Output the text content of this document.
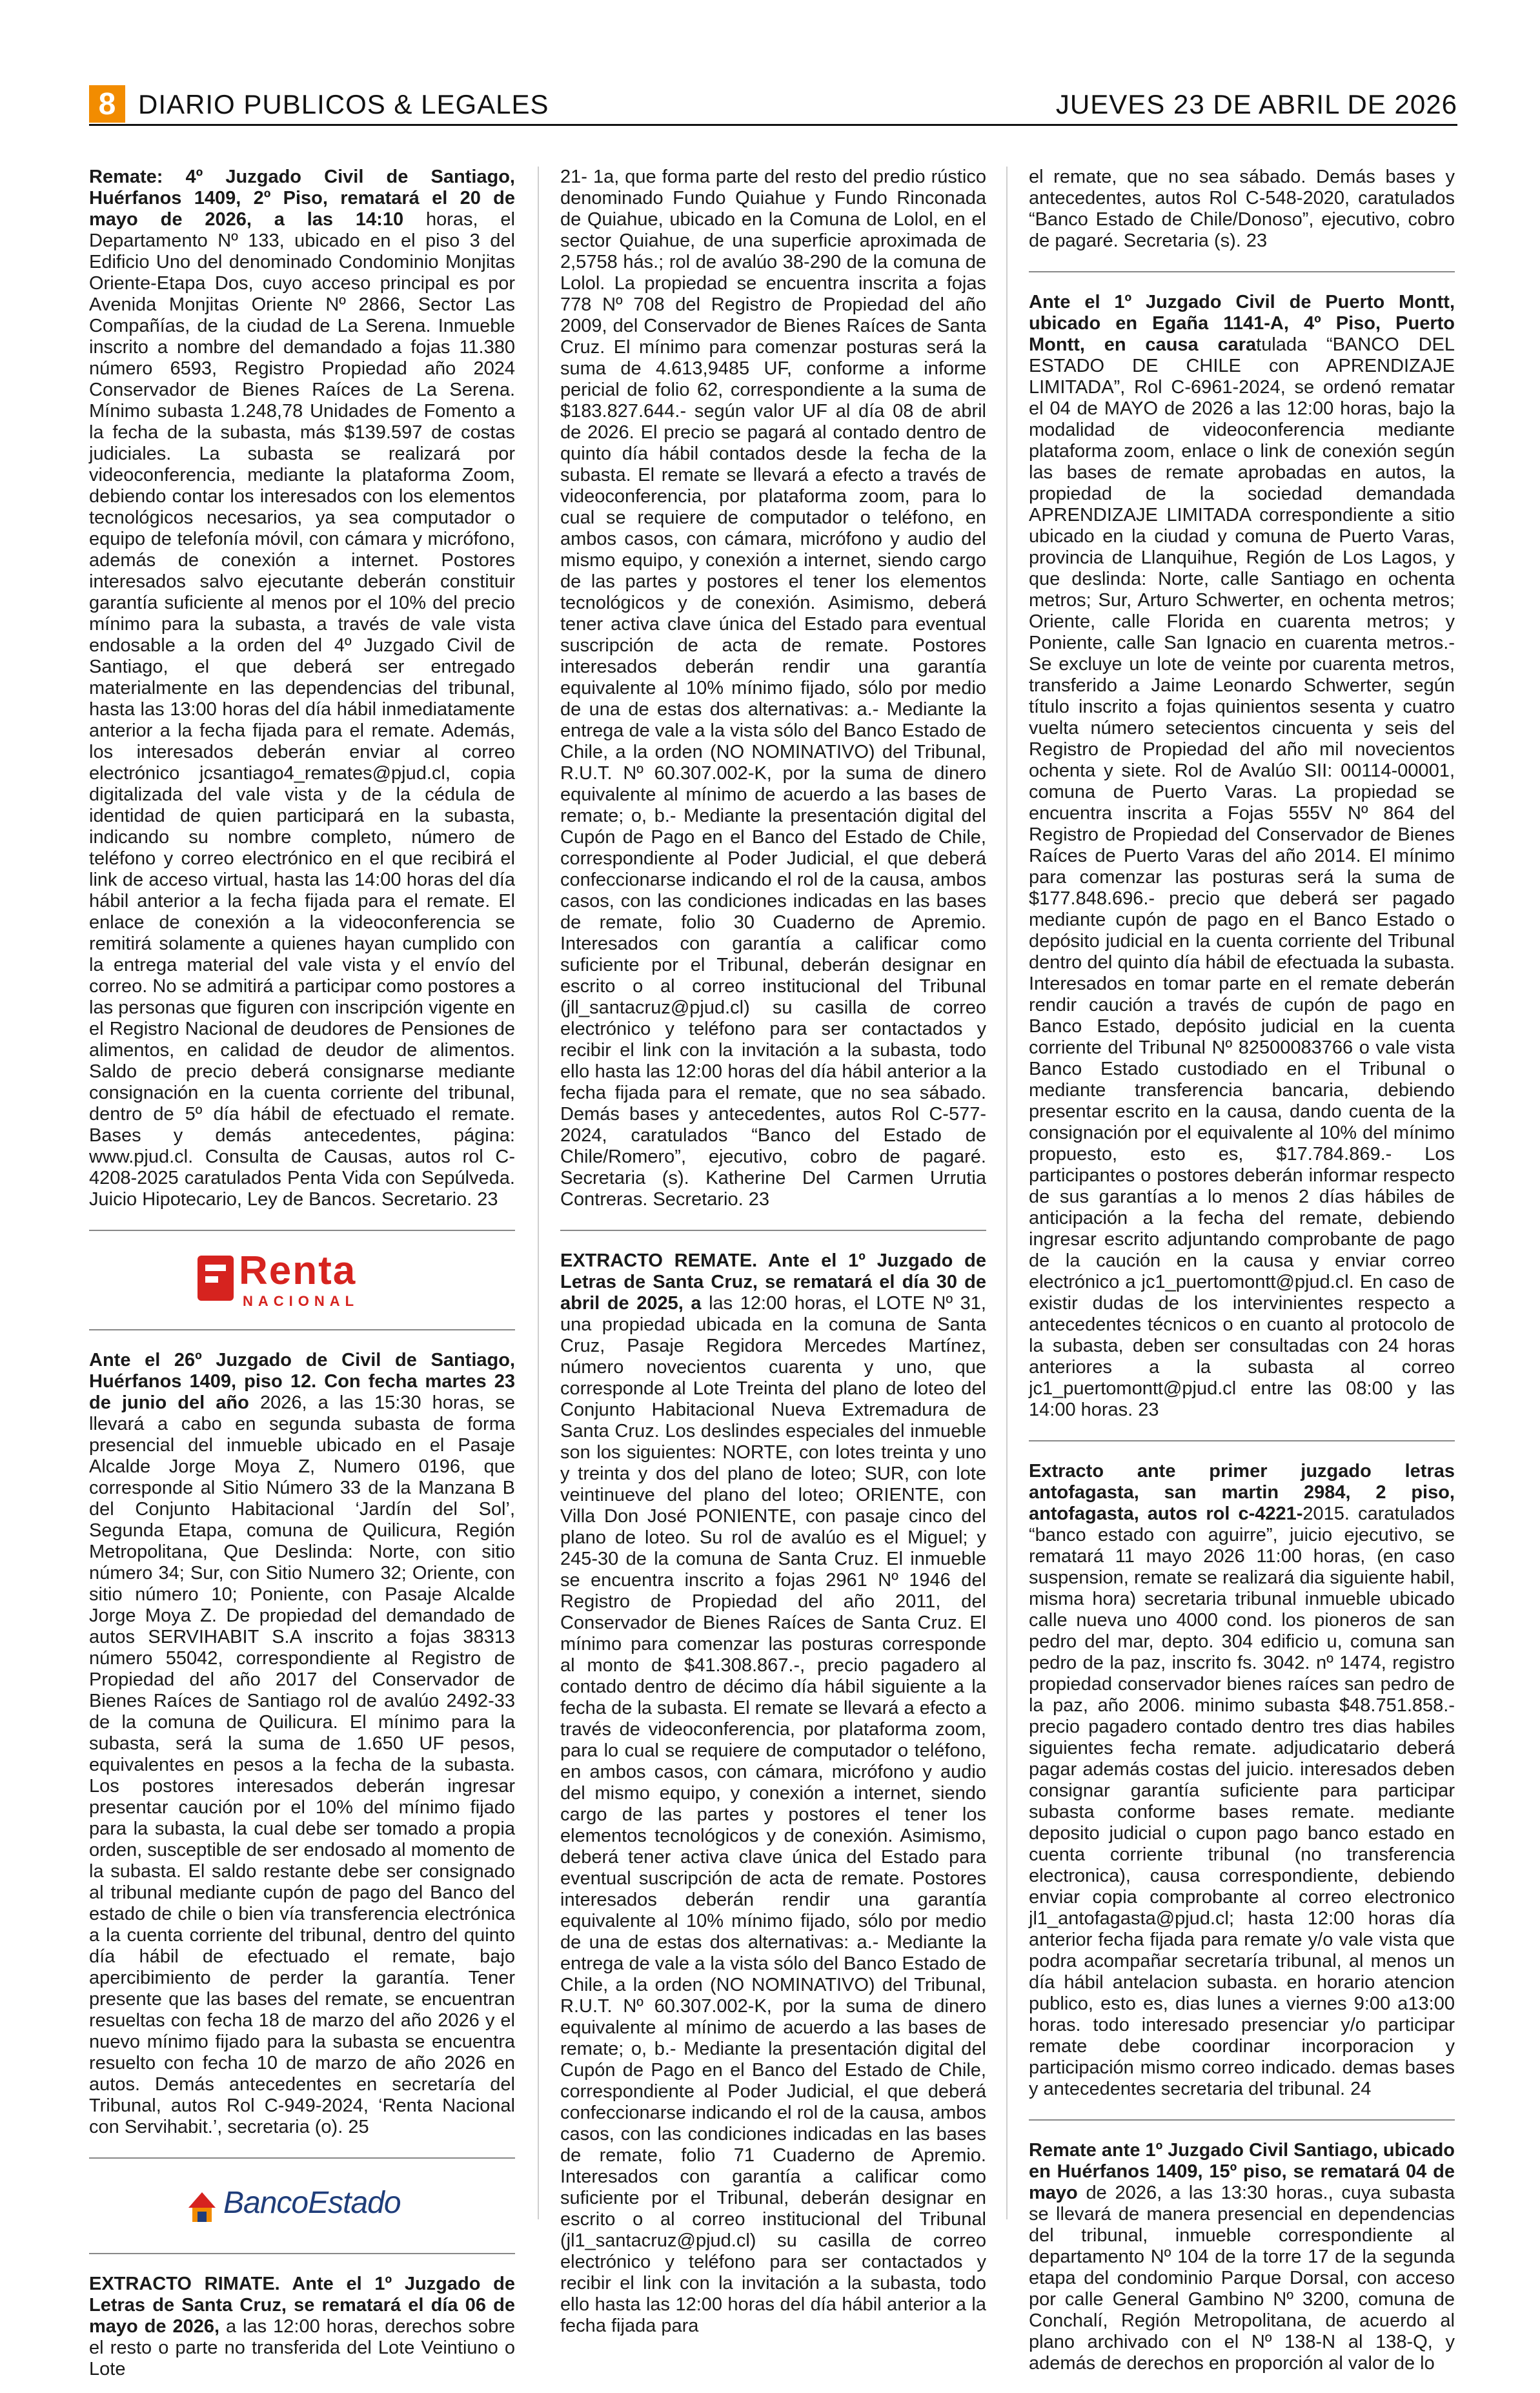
8 DIARIO PUBLICOS & LEGALES	JUEVES 23 DE ABRIL DE 2026

Remate: 4º Juzgado Civil de Santiago, Huérfanos 1409, 2º Piso, rematará el 20 de mayo de 2026, a las 14:10 horas, el Departamento Nº 133, ubicado en el piso 3 del Edificio Uno del denominado Condominio Monjitas Oriente-Etapa Dos, cuyo acceso principal es por Avenida Monjitas Oriente Nº 2866, Sector Las Compañías, de la ciudad de La Serena. Inmueble inscrito a nombre del demandado a fojas 11.380 número 6593, Registro Propiedad año 2024 Conservador de Bienes Raíces de La Serena. Mínimo subasta 1.248,78 Unidades de Fomento a la fecha de la subasta, más $139.597 de costas judiciales. La subasta se realizará por videoconferencia, mediante la plataforma Zoom, debiendo contar los interesados con los elementos tecnológicos necesarios, ya sea computador o equipo de telefonía móvil, con cámara y micrófono, además de conexión a internet. Postores interesados salvo ejecutante deberán constituir garantía suficiente al menos por el 10% del precio mínimo para la subasta, a través de vale vista endosable a la orden del 4º Juzgado Civil de Santiago, el que deberá ser entregado materialmente en las dependencias del tribunal, hasta las 13:00 horas del día hábil inmediatamente anterior a la fecha fijada para el remate. Además, los interesados deberán enviar al correo electrónico jcsantiago4_remates@pjud.cl, copia digitalizada del vale vista y de la cédula de identidad de quien participará en la subasta, indicando su nombre completo, número de teléfono y correo electrónico en el que recibirá el link de acceso virtual, hasta las 14:00 horas del día hábil anterior a la fecha fijada para el remate. El enlace de conexión a la videoconferencia se remitirá solamente a quienes hayan cumplido con la entrega material del vale vista y el envío del correo. No se admitirá a participar como postores a las personas que figuren con inscripción vigente en el Registro Nacional de deudores de Pensiones de alimentos, en calidad de deudor de alimentos. Saldo de precio deberá consignarse mediante consignación en la cuenta corriente del tribunal, dentro de 5º día hábil de efectuado el remate. Bases y demás antecedentes, página: www.pjud.cl. Consulta de Causas, autos rol C-4208-2025 caratulados Penta Vida con Sepúlveda. Juicio Hipotecario, Ley de Bancos. Secretario. 23

Renta
NACIONAL

Ante el 26º Juzgado de Civil de Santiago, Huérfanos 1409, piso 12. Con fecha martes 23 de junio del año 2026, a las 15:30 horas, se llevará a cabo en segunda subasta de forma presencial del inmueble ubicado en el Pasaje Alcalde Jorge Moya Z, Numero 0196, que corresponde al Sitio Número 33 de la Manzana B del Conjunto Habitacional ‘Jardín del Sol’, Segunda Etapa, comuna de Quilicura, Región Metropolitana, Que Deslinda: Norte, con sitio número 34; Sur, con Sitio Numero 32; Oriente, con sitio número 10; Poniente, con Pasaje Alcalde Jorge Moya Z. De propiedad del demandado de autos SERVIHABIT S.A inscrito a fojas 38313 número 55042, correspondiente al Registro de Propiedad del año 2017 del Conservador de Bienes Raíces de Santiago rol de avalúo 2492-33 de la comuna de Quilicura. El mínimo para la subasta, será la suma de 1.650 UF pesos, equivalentes en pesos a la fecha de la subasta. Los postores interesados deberán ingresar presentar caución por el 10% del mínimo fijado para la subasta, la cual debe ser tomado a propia orden, susceptible de ser endosado al momento de la subasta. El saldo restante debe ser consignado al tribunal mediante cupón de pago del Banco del estado de chile o bien vía transferencia electrónica a la cuenta corriente del tribunal, dentro del quinto día hábil de efectuado el remate, bajo apercibimiento de perder la garantía. Tener presente que las bases del remate, se encuentran resueltas con fecha 18 de marzo del año 2026 y el nuevo mínimo fijado para la subasta se encuentra resuelto con fecha 10 de marzo de año 2026 en autos. Demás antecedentes en secretaría del Tribunal, autos Rol C-949-2024, ‘Renta Nacional con Servihabit.’, secretaria (o). 25

BancoEstado

EXTRACTO RIMATE. Ante el 1º Juzgado de Letras de Santa Cruz, se rematará el día 06 de mayo de 2026, a las 12:00 horas, derechos sobre el resto o parte no transferida del Lote Veintiuno o Lote

21- 1a, que forma parte del resto del predio rústico denominado Fundo Quiahue y Fundo Rinconada de Quiahue, ubicado en la Comuna de Lolol, en el sector Quiahue, de una superficie aproximada de 2,5758 hás.; rol de avalúo 38-290 de la comuna de Lolol. La propiedad se encuentra inscrita a fojas 778 Nº 708 del Registro de Propiedad del año 2009, del Conservador de Bienes Raíces de Santa Cruz. El mínimo para comenzar posturas será la suma de 4.613,9485 UF, conforme a informe pericial de folio 62, correspondiente a la suma de $183.827.644.- según valor UF al día 08 de abril de 2026. El precio se pagará al contado dentro de quinto día hábil contados desde la fecha de la subasta. El remate se llevará a efecto a través de videoconferencia, por plataforma zoom, para lo cual se requiere de computador o teléfono, en ambos casos, con cámara, micrófono y audio del mismo equipo, y conexión a internet, siendo cargo de las partes y postores el tener los elementos tecnológicos y de conexión. Asimismo, deberá tener activa clave única del Estado para eventual suscripción de acta de remate. Postores interesados deberán rendir una garantía equivalente al 10% mínimo fijado, sólo por medio de una de estas dos alternativas: a.- Mediante la entrega de vale a la vista sólo del Banco Estado de Chile, a la orden (NO NOMINATIVO) del Tribunal, R.U.T. Nº 60.307.002-K, por la suma de dinero equivalente al mínimo de acuerdo a las bases de remate; o, b.- Mediante la presentación digital del Cupón de Pago en el Banco del Estado de Chile, correspondiente al Poder Judicial, el que deberá confeccionarse indicando el rol de la causa, ambos casos, con las condiciones indicadas en las bases de remate, folio 30 Cuaderno de Apremio. Interesados con garantía a calificar como suficiente por el Tribunal, deberán designar en escrito o al correo institucional del Tribunal (jll_santacruz@pjud.cl) su casilla de correo electrónico y teléfono para ser contactados y recibir el link con la invitación a la subasta, todo ello hasta las 12:00 horas del día hábil anterior a la fecha fijada para el remate, que no sea sábado. Demás bases y antecedentes, autos Rol C-577-2024, caratulados “Banco del Estado de Chile/Romero”, ejecutivo, cobro de pagaré. Secretaria (s). Katherine Del Carmen Urrutia Contreras. Secretario. 23

EXTRACTO REMATE. Ante el 1º Juzgado de Letras de Santa Cruz, se rematará el día 30 de abril de 2025, a las 12:00 horas, el LOTE Nº 31, una propiedad ubicada en la comuna de Santa Cruz, Pasaje Regidora Mercedes Martínez, número novecientos cuarenta y uno, que corresponde al Lote Treinta del plano de loteo del Conjunto Habitacional Nueva Extremadura de Santa Cruz. Los deslindes especiales del inmueble son los siguientes: NORTE, con lotes treinta y uno y treinta y dos del plano de loteo; SUR, con lote veintinueve del plano del loteo; ORIENTE, con Villa Don José PONIENTE, con pasaje cinco del plano de loteo. Su rol de avalúo es el Miguel; y 245-30 de la comuna de Santa Cruz. El inmueble se encuentra inscrito a fojas 2961 Nº 1946 del Registro de Propiedad del año 2011, del Conservador de Bienes Raíces de Santa Cruz. El mínimo para comenzar las posturas corresponde al monto de $41.308.867.-, precio pagadero al contado dentro de décimo día hábil siguiente a la fecha de la subasta. El remate se llevará a efecto a través de videoconferencia, por plataforma zoom, para lo cual se requiere de computador o teléfono, en ambos casos, con cámara, micrófono y audio del mismo equipo, y conexión a internet, siendo cargo de las partes y postores el tener los elementos tecnológicos y de conexión. Asimismo, deberá tener activa clave única del Estado para eventual suscripción de acta de remate. Postores interesados deberán rendir una garantía equivalente al 10% mínimo fijado, sólo por medio de una de estas dos alternativas: a.- Mediante la entrega de vale a la vista sólo del Banco Estado de Chile, a la orden (NO NOMINATIVO) del Tribunal, R.U.T. Nº 60.307.002-K, por la suma de dinero equivalente al mínimo de acuerdo a las bases de remate; o, b.- Mediante la presentación digital del Cupón de Pago en el Banco del Estado de Chile, correspondiente al Poder Judicial, el que deberá confeccionarse indicando el rol de la causa, ambos casos, con las condiciones indicadas en las bases de remate, folio 71 Cuaderno de Apremio. Interesados con garantía a calificar como suficiente por el Tribunal, deberán designar en escrito o al correo institucional del Tribunal (jl1_santacruz@pjud.cl) su casilla de correo electrónico y teléfono para ser contactados y recibir el link con la invitación a la subasta, todo ello hasta las 12:00 horas del día hábil anterior a la fecha fijada para

el remate, que no sea sábado. Demás bases y antecedentes, autos Rol C-548-2020, caratulados “Banco Estado de Chile/Donoso”, ejecutivo, cobro de pagaré. Secretaria (s). 23

Ante el 1º Juzgado Civil de Puerto Montt, ubicado en Egaña 1141-A, 4º Piso, Puerto Montt, en causa caratulada “BANCO DEL ESTADO DE CHILE con APRENDIZAJE LIMITADA”, Rol C-6961-2024, se ordenó rematar el 04 de MAYO de 2026 a las 12:00 horas, bajo la modalidad de videoconferencia mediante plataforma zoom, enlace o link de conexión según las bases de remate aprobadas en autos, la propiedad de la sociedad demandada APRENDIZAJE LIMITADA correspondiente a sitio ubicado en la ciudad y comuna de Puerto Varas, provincia de Llanquihue, Región de Los Lagos, y que deslinda: Norte, calle Santiago en ochenta metros; Sur, Arturo Schwerter, en ochenta metros; Oriente, calle Florida en cuarenta metros; y Poniente, calle San Ignacio en cuarenta metros.- Se excluye un lote de veinte por cuarenta metros, transferido a Jaime Leonardo Schwerter, según título inscrito a fojas quinientos sesenta y cuatro vuelta número setecientos cincuenta y seis del Registro de Propiedad del año mil novecientos ochenta y siete. Rol de Avalúo SII: 00114-00001, comuna de Puerto Varas. La propiedad se encuentra inscrita a Fojas 555V Nº 864 del Registro de Propiedad del Conservador de Bienes Raíces de Puerto Varas del año 2014. El mínimo para comenzar las posturas será la suma de $177.848.696.- precio que deberá ser pagado mediante cupón de pago en el Banco Estado o depósito judicial en la cuenta corriente del Tribunal dentro del quinto día hábil de efectuada la subasta. Interesados en tomar parte en el remate deberán rendir caución a través de cupón de pago en Banco Estado, depósito judicial en la cuenta corriente del Tribunal Nº 82500083766 o vale vista Banco Estado custodiado en el Tribunal o mediante transferencia bancaria, debiendo presentar escrito en la causa, dando cuenta de la consignación por el equivalente al 10% del mínimo propuesto, esto es, $17.784.869.- Los participantes o postores deberán informar respecto de sus garantías a lo menos 2 días hábiles de anticipación a la fecha del remate, debiendo ingresar escrito adjuntando comprobante de pago de la caución en la causa y enviar correo electrónico a jc1_puertomontt@pjud.cl. En caso de existir dudas de los intervinientes respecto a antecedentes técnicos o en cuanto al protocolo de la subasta, deben ser consultadas con 24 horas anteriores a la subasta al correo jc1_puertomontt@pjud.cl entre las 08:00 y las 14:00 horas. 23

Extracto ante primer juzgado letras antofagasta, san martin 2984, 2 piso, antofagasta, autos rol c-4221-2015. caratulados “banco estado con aguirre”, juicio ejecutivo, se rematará 11 mayo 2026 11:00 horas, (en caso suspension, remate se realizará dia siguiente habil, misma hora) secretaria tribunal inmueble ubicado calle nueva uno 4000 cond. los pioneros de san pedro del mar, depto. 304 edificio u, comuna san pedro de la paz, inscrito fs. 3042. nº 1474, registro propiedad conservador bienes raíces san pedro de la paz, año 2006. minimo subasta $48.751.858.- precio pagadero contado dentro tres dias habiles siguientes fecha remate. adjudicatario deberá pagar además costas del juicio. interesados deben consignar garantía suficiente para participar subasta conforme bases remate. mediante deposito judicial o cupon pago banco estado en cuenta corriente tribunal (no transferencia electronica), causa correspondiente, debiendo enviar copia comprobante al correo electronico jl1_antofagasta@pjud.cl; hasta 12:00 horas día anterior fecha fijada para remate y/o vale vista que podra acompañar secretaría tribunal, al menos un día hábil antelacion subasta. en horario atencion publico, esto es, dias lunes a viernes 9:00 a13:00 horas. todo interesado presenciar y/o participar remate debe coordinar incorporacion y participación mismo correo indicado. demas bases y antecedentes secretaria del tribunal. 24

Remate ante 1º Juzgado Civil Santiago, ubicado en Huérfanos 1409, 15º piso, se rematará 04 de mayo de 2026, a las 13:30 horas., cuya subasta se llevará de manera presencial en dependencias del tribunal, inmueble correspondiente al departamento Nº 104 de la torre 17 de la segunda etapa del condominio Parque Dorsal, con acceso por calle General Gambino Nº 3200, comuna de Conchalí, Región Metropolitana, de acuerdo al plano archivado con el Nº 138-N al 138-Q, y además de derechos en proporción al valor de lo
